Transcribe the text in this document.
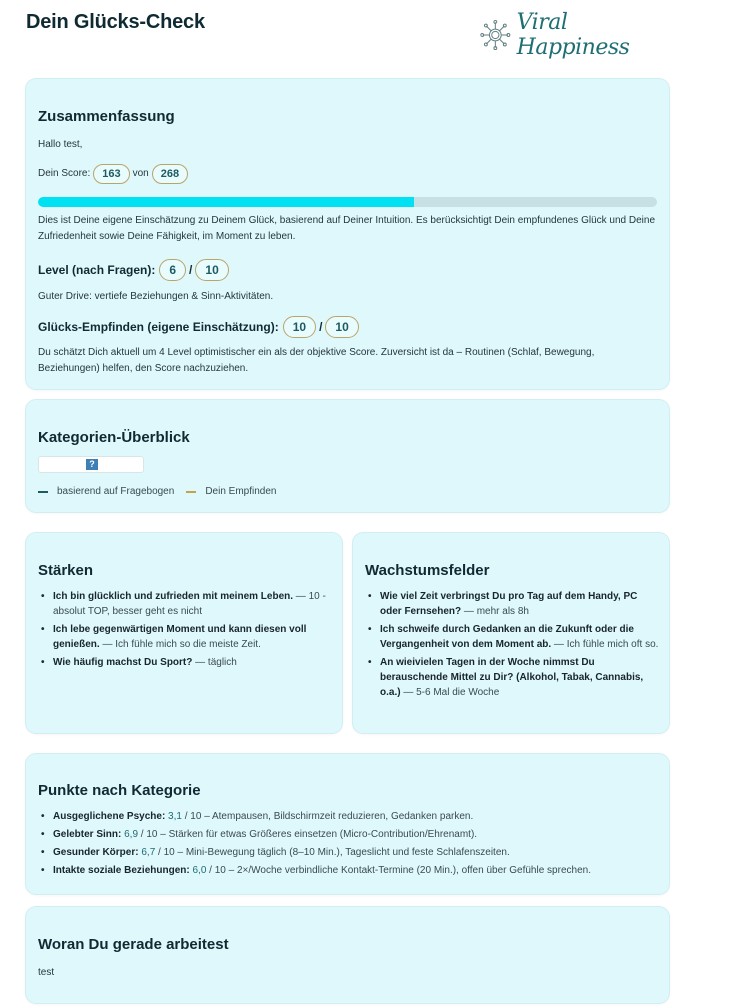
Dein Glücks-Check	Viral Happiness
Zusammenfassung
Hallo test,
Dein Score:	163	von	268
Dies ist Deine eigene Einschätzung zu Deinem Glück, basierend auf Deiner Intuition. Es berücksichtigt Dein empfundenes Glück und Deine Zufriedenheit sowie Deine Fähigkeit, im Moment zu leben.
Level (nach Fragen):	6	/	10
Guter Drive: vertiefe Beziehungen & Sinn-Aktivitäten.
Glücks-Empfinden (eigene Einschätzung):	10	/	10
Du schätzt Dich aktuell um 4 Level optimistischer ein als der objektive Score. Zuversicht ist da – Routinen (Schlaf, Bewegung, Beziehungen) helfen, den Score nachzuziehen.
Kategorien-Überblick
?
basierend auf Fragebogen	Dein Empfinden
Stärken
• Ich bin glücklich und zufrieden mit meinem Leben. — 10 - absolut TOP, besser geht es nicht
• Ich lebe gegenwärtigen Moment und kann diesen voll genießen. — Ich fühle mich so die meiste Zeit.
• Wie häufig machst Du Sport? — täglich
Wachstumsfelder
• Wie viel Zeit verbringst Du pro Tag auf dem Handy, PC oder Fernsehen? — mehr als 8h
• Ich schweife durch Gedanken an die Zukunft oder die Vergangenheit von dem Moment ab. — Ich fühle mich oft so.
• An wieivielen Tagen in der Woche nimmst Du berauschende Mittel zu Dir? (Alkohol, Tabak, Cannabis, o.a.) — 5-6 Mal die Woche
Punkte nach Kategorie
• Ausgeglichene Psyche: 3,1 / 10 – Atempausen, Bildschirmzeit reduzieren, Gedanken parken.
• Gelebter Sinn: 6,9 / 10 – Stärken für etwas Größeres einsetzen (Micro-Contribution/Ehrenamt).
• Gesunder Körper: 6,7 / 10 – Mini-Bewegung täglich (8–10 Min.), Tageslicht und feste Schlafenszeiten.
• Intakte soziale Beziehungen: 6,0 / 10 – 2×/Woche verbindliche Kontakt-Termine (20 Min.), offen über Gefühle sprechen.
Woran Du gerade arbeitest
test
